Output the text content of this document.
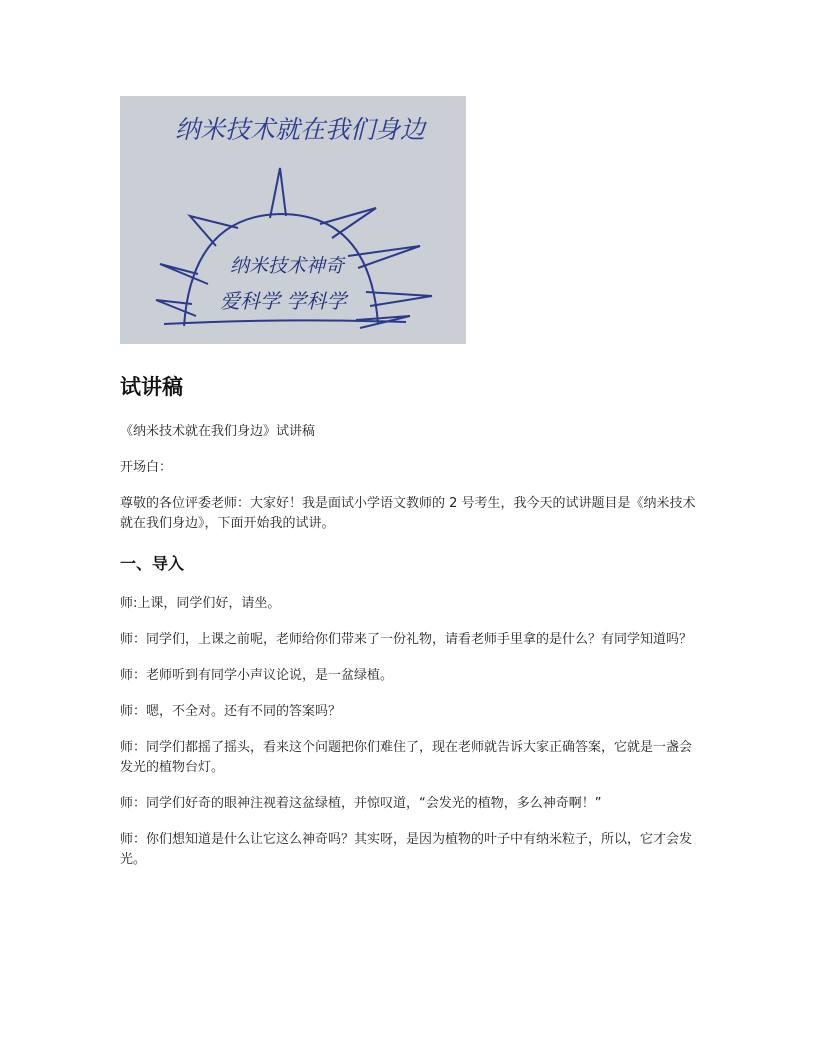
纳米技术就在我们身边
纳米技术神奇
爱科学 学科学
试讲稿

《纳米技术就在我们身边》试讲稿

开场白：

尊敬的各位评委老师：大家好！我是面试小学语文教师的 2 号考生，我今天的试讲题目是《纳米技术就在我们身边》，下面开始我的试讲。

一、导入

师:上课，同学们好，请坐。

师：同学们，上课之前呢，老师给你们带来了一份礼物，请看老师手里拿的是什么？有同学知道吗？

师：老师听到有同学小声议论说，是一盆绿植。

师：嗯，不全对。还有不同的答案吗？

师：同学们都摇了摇头，看来这个问题把你们难住了，现在老师就告诉大家正确答案，它就是一盏会发光的植物台灯。

师：同学们好奇的眼神注视着这盆绿植，并惊叹道，“会发光的植物，多么神奇啊！”

师：你们想知道是什么让它这么神奇吗？其实呀，是因为植物的叶子中有纳米粒子，所以，它才会发光。
